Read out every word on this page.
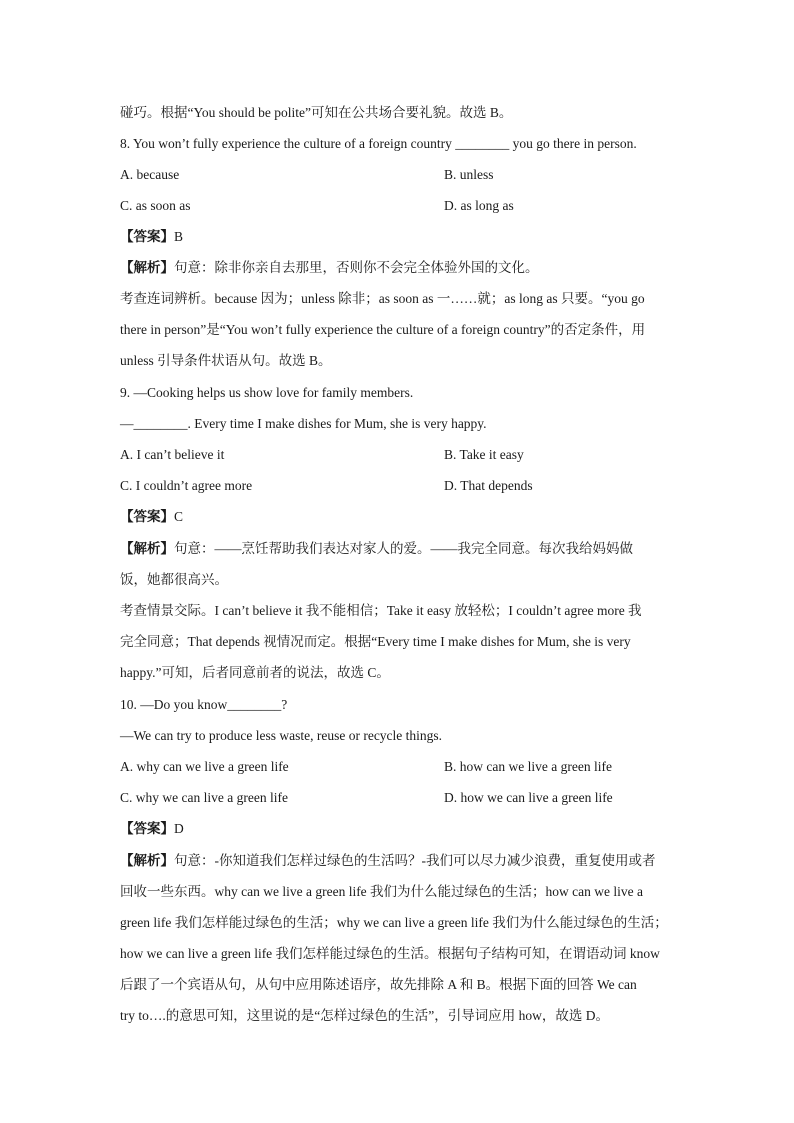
碰巧。根据“You should be polite”可知在公共场合要礼貌。故选 B。
8. You won’t fully experience the culture of a foreign country ________ you go there in person.
A. because	B. unless
C. as soon as	D. as long as
【答案】B
【解析】句意：除非你亲自去那里，否则你不会完全体验外国的文化。
考查连词辨析。because 因为；unless 除非；as soon as 一……就；as long as 只要。“you go
there in person”是“You won’t fully experience the culture of a foreign country”的否定条件，用
unless 引导条件状语从句。故选 B。
9. —Cooking helps us show love for family members.
—________. Every time I make dishes for Mum, she is very happy.
A. I can’t believe it	B. Take it easy
C. I couldn’t agree more	D. That depends
【答案】C
【解析】句意：——烹饪帮助我们表达对家人的爱。——我完全同意。每次我给妈妈做
饭，她都很高兴。
考查情景交际。I can’t believe it 我不能相信；Take it easy 放轻松；I couldn’t agree more 我
完全同意；That depends 视情况而定。根据“Every time I make dishes for Mum, she is very
happy.”可知，后者同意前者的说法，故选 C。
10. —Do you know________?
—We can try to produce less waste, reuse or recycle things.
A. why can we live a green life	B. how can we live a green life
C. why we can live a green life	D. how we can live a green life
【答案】D
【解析】句意：-你知道我们怎样过绿色的生活吗？-我们可以尽力减少浪费，重复使用或者
回收一些东西。why can we live a green life 我们为什么能过绿色的生活；how can we live a
green life 我们怎样能过绿色的生活；why we can live a green life 我们为什么能过绿色的生活；
how we can live a green life 我们怎样能过绿色的生活。根据句子结构可知，在谓语动词 know
后跟了一个宾语从句，从句中应用陈述语序，故先排除 A 和 B。根据下面的回答 We can
try to….的意思可知，这里说的是“怎样过绿色的生活”，引导词应用 how，故选 D。
